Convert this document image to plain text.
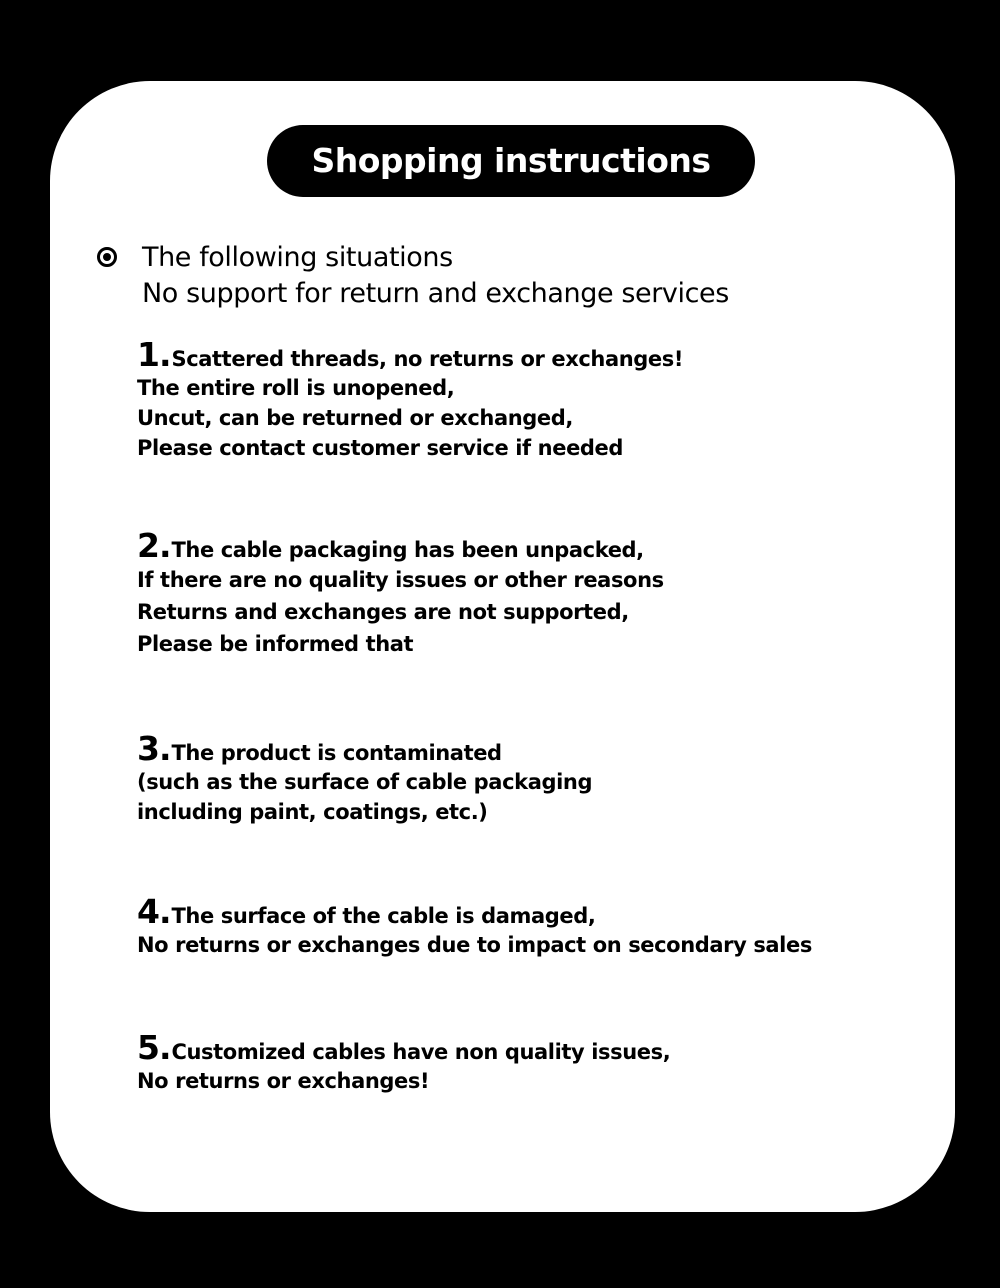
Shopping instructions
The following situations
No support for return and exchange services
1. Scattered threads, no returns or exchanges!
The entire roll is unopened,
Uncut, can be returned or exchanged,
Please contact customer service if needed
2. The cable packaging has been unpacked,
If there are no quality issues or other reasons
Returns and exchanges are not supported,
Please be informed that
3. The product is contaminated
(such as the surface of cable packaging
including paint, coatings, etc.)
4. The surface of the cable is damaged,
No returns or exchanges due to impact on secondary sales
5. Customized cables have non quality issues,
No returns or exchanges!
